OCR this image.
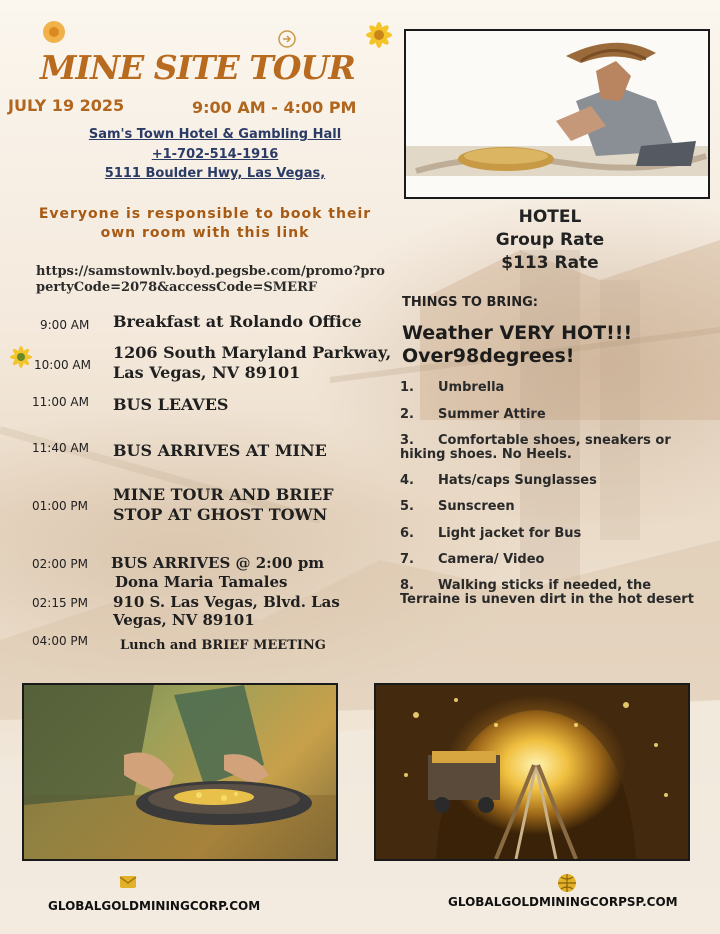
MINE SITE TOUR
JULY 19 2025	9:00 AM - 4:00 PM
Sam's Town Hotel & Gambling Hall
+1-702-514-1916
5111 Boulder Hwy, Las Vegas,
Everyone is responsible to book their own room with this link
https://samstownlv.boyd.pegsbe.com/promo?propertyCode=2078&accessCode=SMERF
9:00 AM Breakfast at Rolando Office
10:00 AM
1206 South Maryland Parkway, Las Vegas, NV 89101
11:00 AM BUS LEAVES
11:40 AM BUS ARRIVES AT MINE
01:00 PM
MINE TOUR AND BRIEF STOP AT GHOST TOWN
02:00 PM BUS ARRIVES @ 2:00 pm
Dona Maria Tamales
02:15 PM 910 S. Las Vegas, Blvd. Las Vegas, NV 89101
04:00 PM Lunch and BRIEF MEETING
HOTEL
Group Rate
$113 Rate
THINGS TO BRING:
Weather VERY HOT!!! Over98degrees!
1. Umbrella
2. Summer Attire
3. Comfortable shoes, sneakers or hiking shoes. No Heels.
4. Hats/caps Sunglasses
5. Sunscreen
6. Light jacket for Bus
7. Camera/ Video
8. Walking sticks if needed, the Terraine is uneven dirt in the hot desert
GLOBALGOLDMININGCORP.COM	GLOBALGOLDMININGCORPSP.COM
